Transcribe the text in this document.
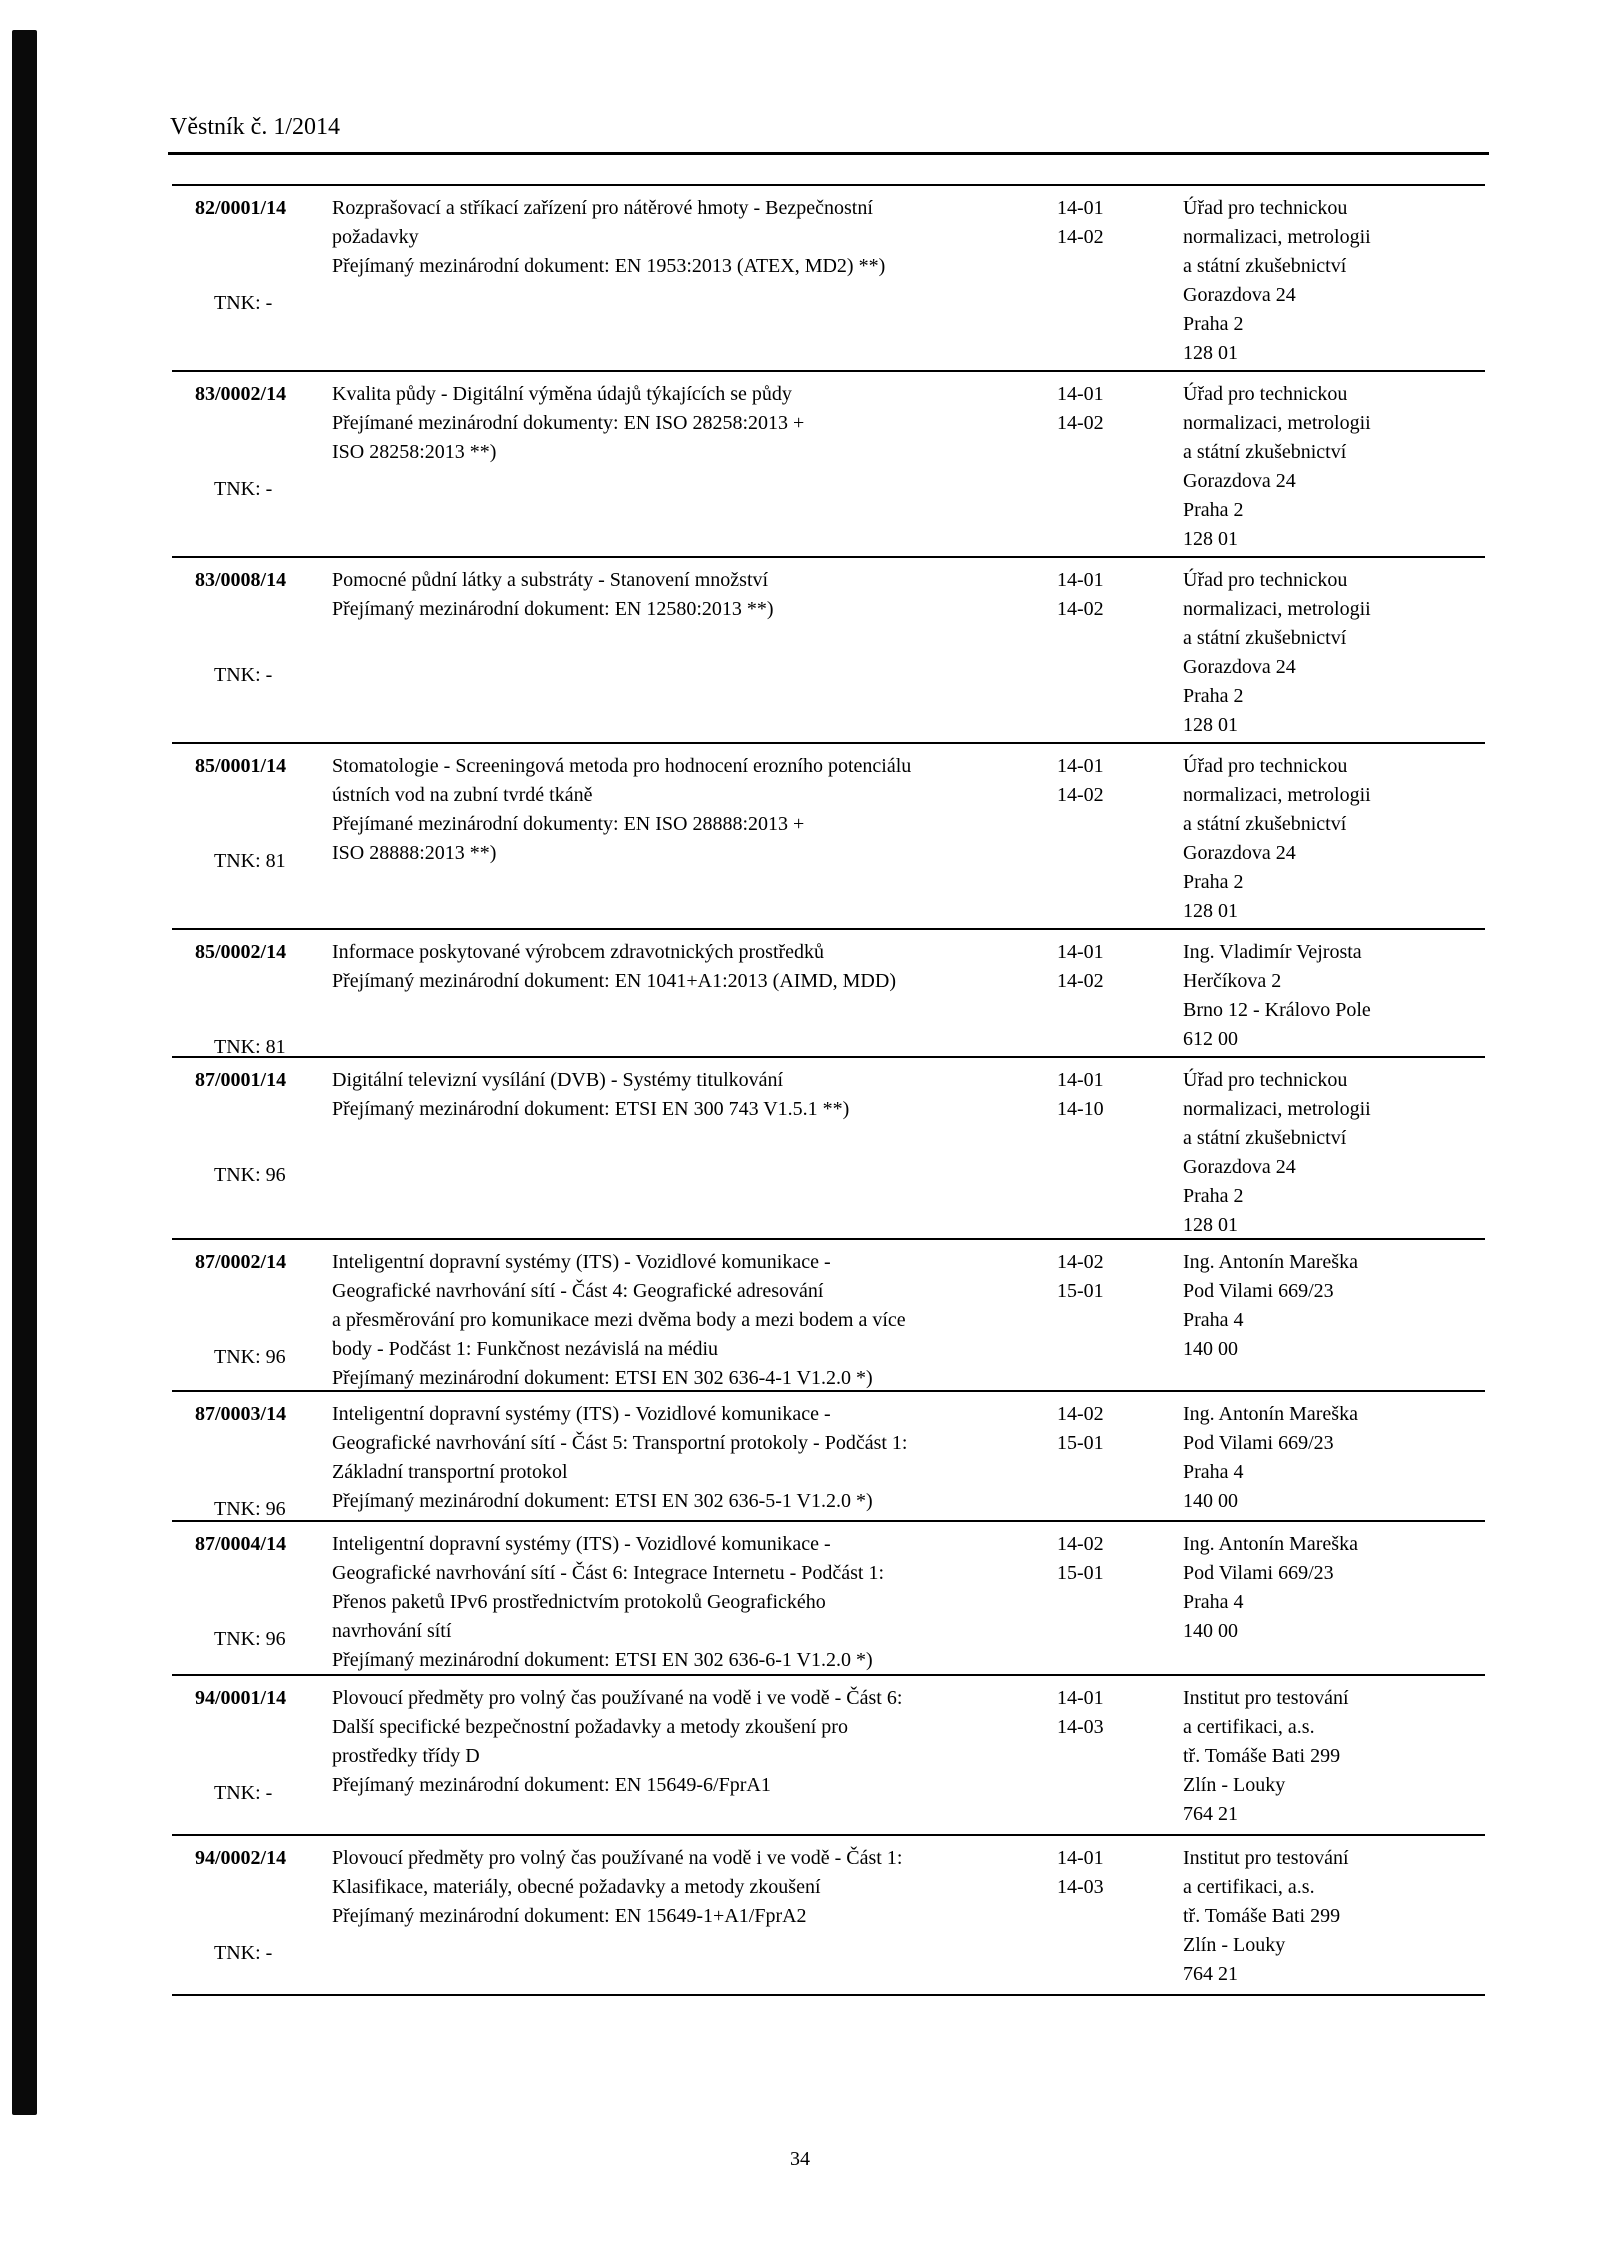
Věstník č. 1/2014
82/0001/14
TNK: -
Rozprašovací a stříkací zařízení pro nátěrové hmoty - Bezpečnostní
požadavky
Přejímaný mezinárodní dokument: EN 1953:2013 (ATEX, MD2) **)
14-01
14-02
Úřad pro technickou
normalizaci, metrologii
a státní zkušebnictví
Gorazdova 24
Praha 2
128 01
83/0002/14
TNK: -
Kvalita půdy - Digitální výměna údajů týkajících se půdy
Přejímané mezinárodní dokumenty: EN ISO 28258:2013 +
ISO 28258:2013 **)
14-01
14-02
Úřad pro technickou
normalizaci, metrologii
a státní zkušebnictví
Gorazdova 24
Praha 2
128 01
83/0008/14
TNK: -
Pomocné půdní látky a substráty - Stanovení množství
Přejímaný mezinárodní dokument: EN 12580:2013 **)
14-01
14-02
Úřad pro technickou
normalizaci, metrologii
a státní zkušebnictví
Gorazdova 24
Praha 2
128 01
85/0001/14
TNK: 81
Stomatologie - Screeningová metoda pro hodnocení erozního potenciálu
ústních vod na zubní tvrdé tkáně
Přejímané mezinárodní dokumenty: EN ISO 28888:2013 +
ISO 28888:2013 **)
14-01
14-02
Úřad pro technickou
normalizaci, metrologii
a státní zkušebnictví
Gorazdova 24
Praha 2
128 01
85/0002/14
TNK: 81
Informace poskytované výrobcem zdravotnických prostředků
Přejímaný mezinárodní dokument: EN 1041+A1:2013 (AIMD, MDD)
14-01
14-02
Ing. Vladimír Vejrosta
Herčíkova 2
Brno 12 - Královo Pole
612 00
87/0001/14
TNK: 96
Digitální televizní vysílání (DVB) - Systémy titulkování
Přejímaný mezinárodní dokument: ETSI EN 300 743 V1.5.1 **)
14-01
14-10
Úřad pro technickou
normalizaci, metrologii
a státní zkušebnictví
Gorazdova 24
Praha 2
128 01
87/0002/14
TNK: 96
Inteligentní dopravní systémy (ITS) - Vozidlové komunikace -
Geografické navrhování sítí - Část 4: Geografické adresování
a přesměrování pro komunikace mezi dvěma body a mezi bodem a více
body - Podčást 1: Funkčnost nezávislá na médiu
Přejímaný mezinárodní dokument: ETSI EN 302 636-4-1 V1.2.0 *)
14-02
15-01
Ing. Antonín Mareška
Pod Vilami 669/23
Praha 4
140 00
87/0003/14
TNK: 96
Inteligentní dopravní systémy (ITS) - Vozidlové komunikace -
Geografické navrhování sítí - Část 5: Transportní protokoly - Podčást 1:
Základní transportní protokol
Přejímaný mezinárodní dokument: ETSI EN 302 636-5-1 V1.2.0 *)
14-02
15-01
Ing. Antonín Mareška
Pod Vilami 669/23
Praha 4
140 00
87/0004/14
TNK: 96
Inteligentní dopravní systémy (ITS) - Vozidlové komunikace -
Geografické navrhování sítí - Část 6: Integrace Internetu - Podčást 1:
Přenos paketů IPv6 prostřednictvím protokolů Geografického
navrhování sítí
Přejímaný mezinárodní dokument: ETSI EN 302 636-6-1 V1.2.0 *)
14-02
15-01
Ing. Antonín Mareška
Pod Vilami 669/23
Praha 4
140 00
94/0001/14
TNK: -
Plovoucí předměty pro volný čas používané na vodě i ve vodě - Část 6:
Další specifické bezpečnostní požadavky a metody zkoušení pro
prostředky třídy D
Přejímaný mezinárodní dokument: EN 15649-6/FprA1
14-01
14-03
Institut pro testování
a certifikaci, a.s.
tř. Tomáše Bati 299
Zlín - Louky
764 21
94/0002/14
TNK: -
Plovoucí předměty pro volný čas používané na vodě i ve vodě - Část 1:
Klasifikace, materiály, obecné požadavky a metody zkoušení
Přejímaný mezinárodní dokument: EN 15649-1+A1/FprA2
14-01
14-03
Institut pro testování
a certifikaci, a.s.
tř. Tomáše Bati 299
Zlín - Louky
764 21
34
